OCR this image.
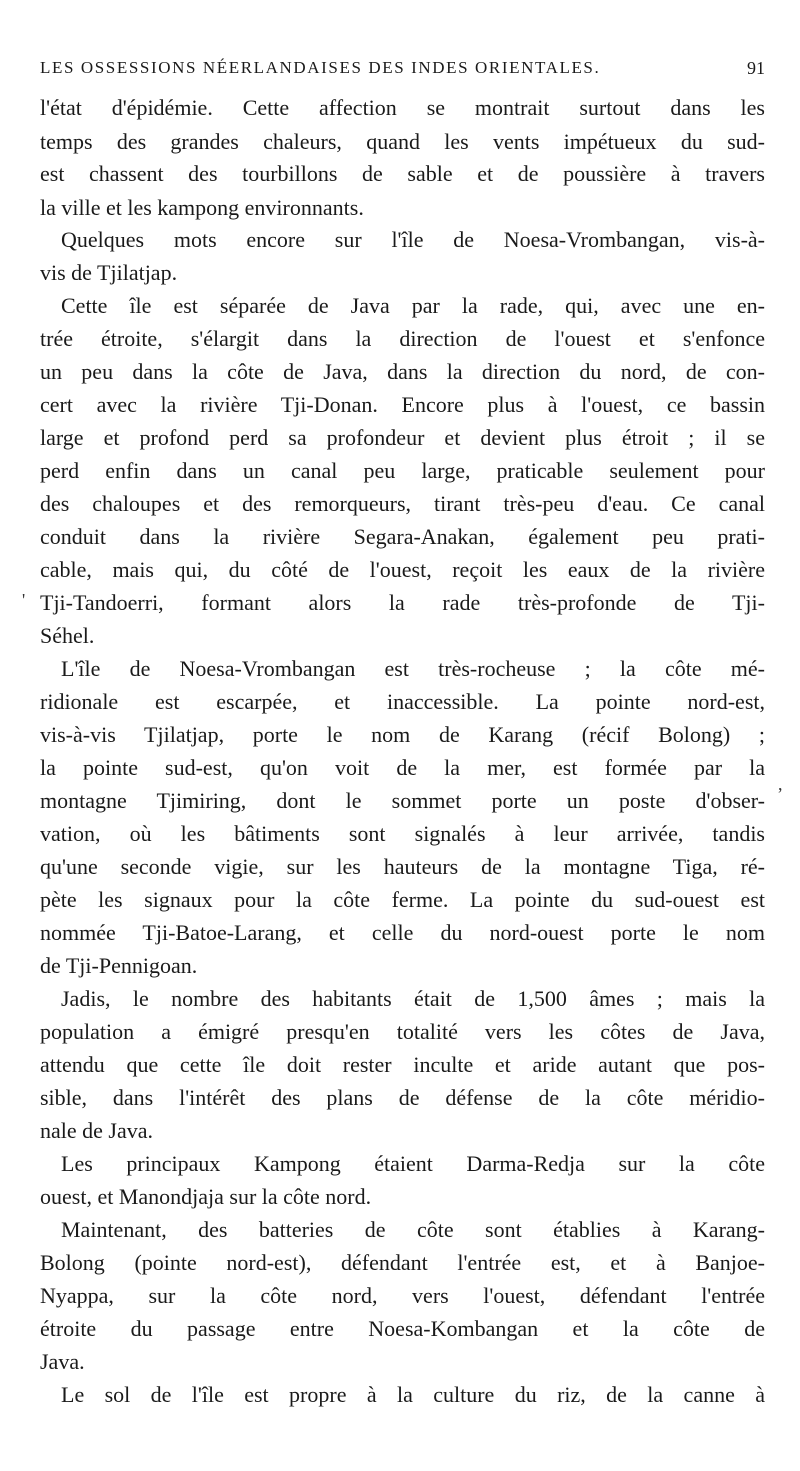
LES OSSESSIONS NÉERLANDAISES DES INDES ORIENTALES.	91
l'état d'épidémie. Cette affection se montrait surtout dans les
temps des grandes chaleurs, quand les vents impétueux du sud-
est chassent des tourbillons de sable et de poussière à travers
la ville et les kampong environnants.
Quelques mots encore sur l'île de Noesa-Vrombangan, vis-à-
vis de Tjilatjap.
Cette île est séparée de Java par la rade, qui, avec une en-
trée étroite, s'élargit dans la direction de l'ouest et s'enfonce
un peu dans la côte de Java, dans la direction du nord, de con-
cert avec la rivière Tji-Donan. Encore plus à l'ouest, ce bassin
large et profond perd sa profondeur et devient plus étroit ; il se
perd enfin dans un canal peu large, praticable seulement pour
des chaloupes et des remorqueurs, tirant très-peu d'eau. Ce canal
conduit dans la rivière Segara-Anakan, également peu prati-
cable, mais qui, du côté de l'ouest, reçoit les eaux de la rivière
Tji-Tandoerri, formant alors la rade très-profonde de Tji-
Séhel.
L'île de Noesa-Vrombangan est très-rocheuse ; la côte mé-
ridionale est escarpée, et inaccessible. La pointe nord-est,
vis-à-vis Tjilatjap, porte le nom de Karang (récif Bolong) ;
la pointe sud-est, qu'on voit de la mer, est formée par la
montagne Tjimiring, dont le sommet porte un poste d'obser-
vation, où les bâtiments sont signalés à leur arrivée, tandis
qu'une seconde vigie, sur les hauteurs de la montagne Tiga, ré-
pète les signaux pour la côte ferme. La pointe du sud-ouest est
nommée Tji-Batoe-Larang, et celle du nord-ouest porte le nom
de Tji-Pennigoan.
Jadis, le nombre des habitants était de 1,500 âmes ; mais la
population a émigré presqu'en totalité vers les côtes de Java,
attendu que cette île doit rester inculte et aride autant que pos-
sible, dans l'intérêt des plans de défense de la côte méridio-
nale de Java.
Les principaux Kampong étaient Darma-Redja sur la côte
ouest, et Manondjaja sur la côte nord.
Maintenant, des batteries de côte sont établies à Karang-
Bolong (pointe nord-est), défendant l'entrée est, et à Banjoe-
Nyappa, sur la côte nord, vers l'ouest, défendant l'entrée
étroite du passage entre Noesa-Kombangan et la côte de
Java.
Le sol de l'île est propre à la culture du riz, de la canne à
'
,
